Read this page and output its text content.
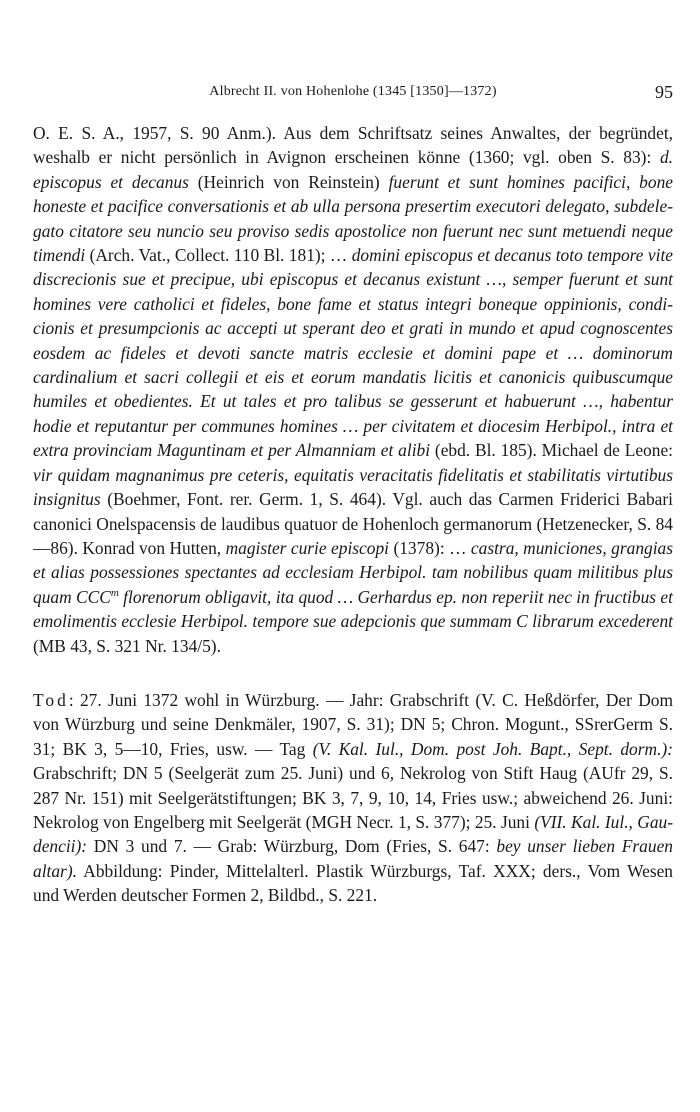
Albrecht II. von Hohenlohe (1345 [1350]—1372)	95

O. E. S. A., 1957, S. 90 Anm.). Aus dem Schriftsatz seines Anwaltes, der begründet, weshalb er nicht persönlich in Avignon erscheinen könne (1360; vgl. oben S. 83): d. episcopus et decanus (Heinrich von Reinstein) fuerunt et sunt homines pacifici, bone honeste et pacifice conversationis et ab ulla persona presertim executori delegato, subdelegato citatore seu nuncio seu proviso sedis apostolice non fuerunt nec sunt metuendi neque timendi (Arch. Vat., Collect. 110 Bl. 181); … domini episcopus et decanus toto tempore vite discrecionis sue et precipue, ubi episcopus et decanus existunt …, semper fuerunt et sunt homines vere catholici et fideles, bone fame et status integri boneque oppinionis, condicionis et presumpcionis ac accepti ut sperant deo et grati in mundo et apud cognoscentes eosdem ac fideles et devoti sancte matris ecclesie et domini pape et … dominorum cardinalium et sacri collegii et eis et eorum mandatis licitis et canonicis quibuscumque humiles et obedientes. Et ut tales et pro talibus se gesserunt et habuerunt …, habentur hodie et reputantur per communes homines … per civitatem et diocesim Herbipol., intra et extra provinciam Maguntinam et per Almanniam et alibi (ebd. Bl. 185). Michael de Leone: vir quidam magnanimus pre ceteris, equitatis veracitatis fidelitatis et stabilitatis virtutibus insignitus (Boehmer, Font. rer. Germ. 1, S. 464). Vgl. auch das Carmen Friderici Babari canonici Onelspacensis de laudibus quatuor de Hohenloch germanorum (Hetzenecker, S. 84—86). Konrad von Hutten, magister curie episcopi (1378): … castra, municiones, grangias et alias possessiones spectantes ad ecclesiam Herbipol. tam nobilibus quam militibus plus quam CCC$^m$ florenorum obligavit, ita quod … Gerhardus ep. non reperiit nec in fructibus et emolimentis ecclesie Herbipol. tempore sue adepcionis que summam C librarum excederent (MB 43, S. 321 Nr. 134/5).

Tod: 27. Juni 1372 wohl in Würzburg. — Jahr: Grabschrift (V. C. Heßdörfer, Der Dom von Würzburg und seine Denkmäler, 1907, S. 31); DN 5; Chron. Mogunt., SSrerGerm S. 31; BK 3, 5—10, Fries, usw. — Tag (V. Kal. Iul., Dom. post Joh. Bapt., Sept. dorm.): Grabschrift; DN 5 (Seelgerät zum 25. Juni) und 6, Nekrolog von Stift Haug (AUfr 29, S. 287 Nr. 151) mit Seelgerätstiftungen; BK 3, 7, 9, 10, 14, Fries usw.; abweichend 26. Juni: Nekrolog von Engelberg mit Seelgerät (MGH Necr. 1, S. 377); 25. Juni (VII. Kal. Iul., Gaudencii): DN 3 und 7. — Grab: Würzburg, Dom (Fries, S. 647: bey unser lieben Frauen altar). Abbildung: Pinder, Mittelalterl. Plastik Würzburgs, Taf. XXX; ders., Vom Wesen und Werden deutscher Formen 2, Bildbd., S. 221.
